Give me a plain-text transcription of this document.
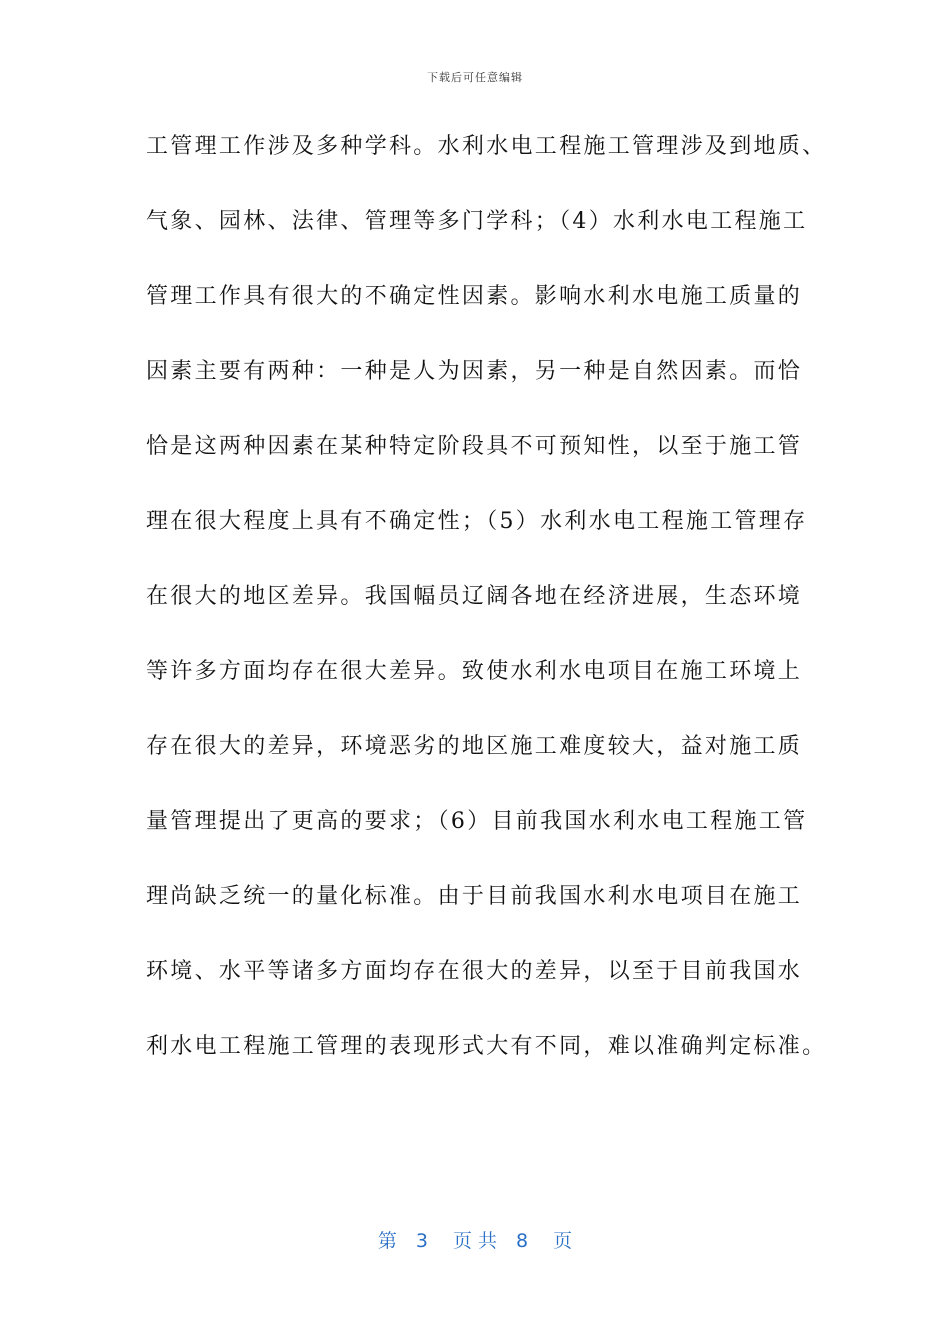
下载后可任意编辑
工管理工作涉及多种学科。水利水电工程施工管理涉及到地质、
气象、园林、法律、管理等多门学科；（4）水利水电工程施工
管理工作具有很大的不确定性因素。影响水利水电施工质量的
因素主要有两种：一种是人为因素，另一种是自然因素。而恰
恰是这两种因素在某种特定阶段具不可预知性，以至于施工管
理在很大程度上具有不确定性；（5）水利水电工程施工管理存
在很大的地区差异。我国幅员辽阔各地在经济进展，生态环境
等许多方面均存在很大差异。致使水利水电项目在施工环境上
存在很大的差异，环境恶劣的地区施工难度较大，益对施工质
量管理提出了更高的要求；（6）目前我国水利水电工程施工管
理尚缺乏统一的量化标准。由于目前我国水利水电项目在施工
环境、水平等诸多方面均存在很大的差异，以至于目前我国水
利水电工程施工管理的表现形式大有不同，难以准确判定标准。
第　3　 页 共　8　 页
